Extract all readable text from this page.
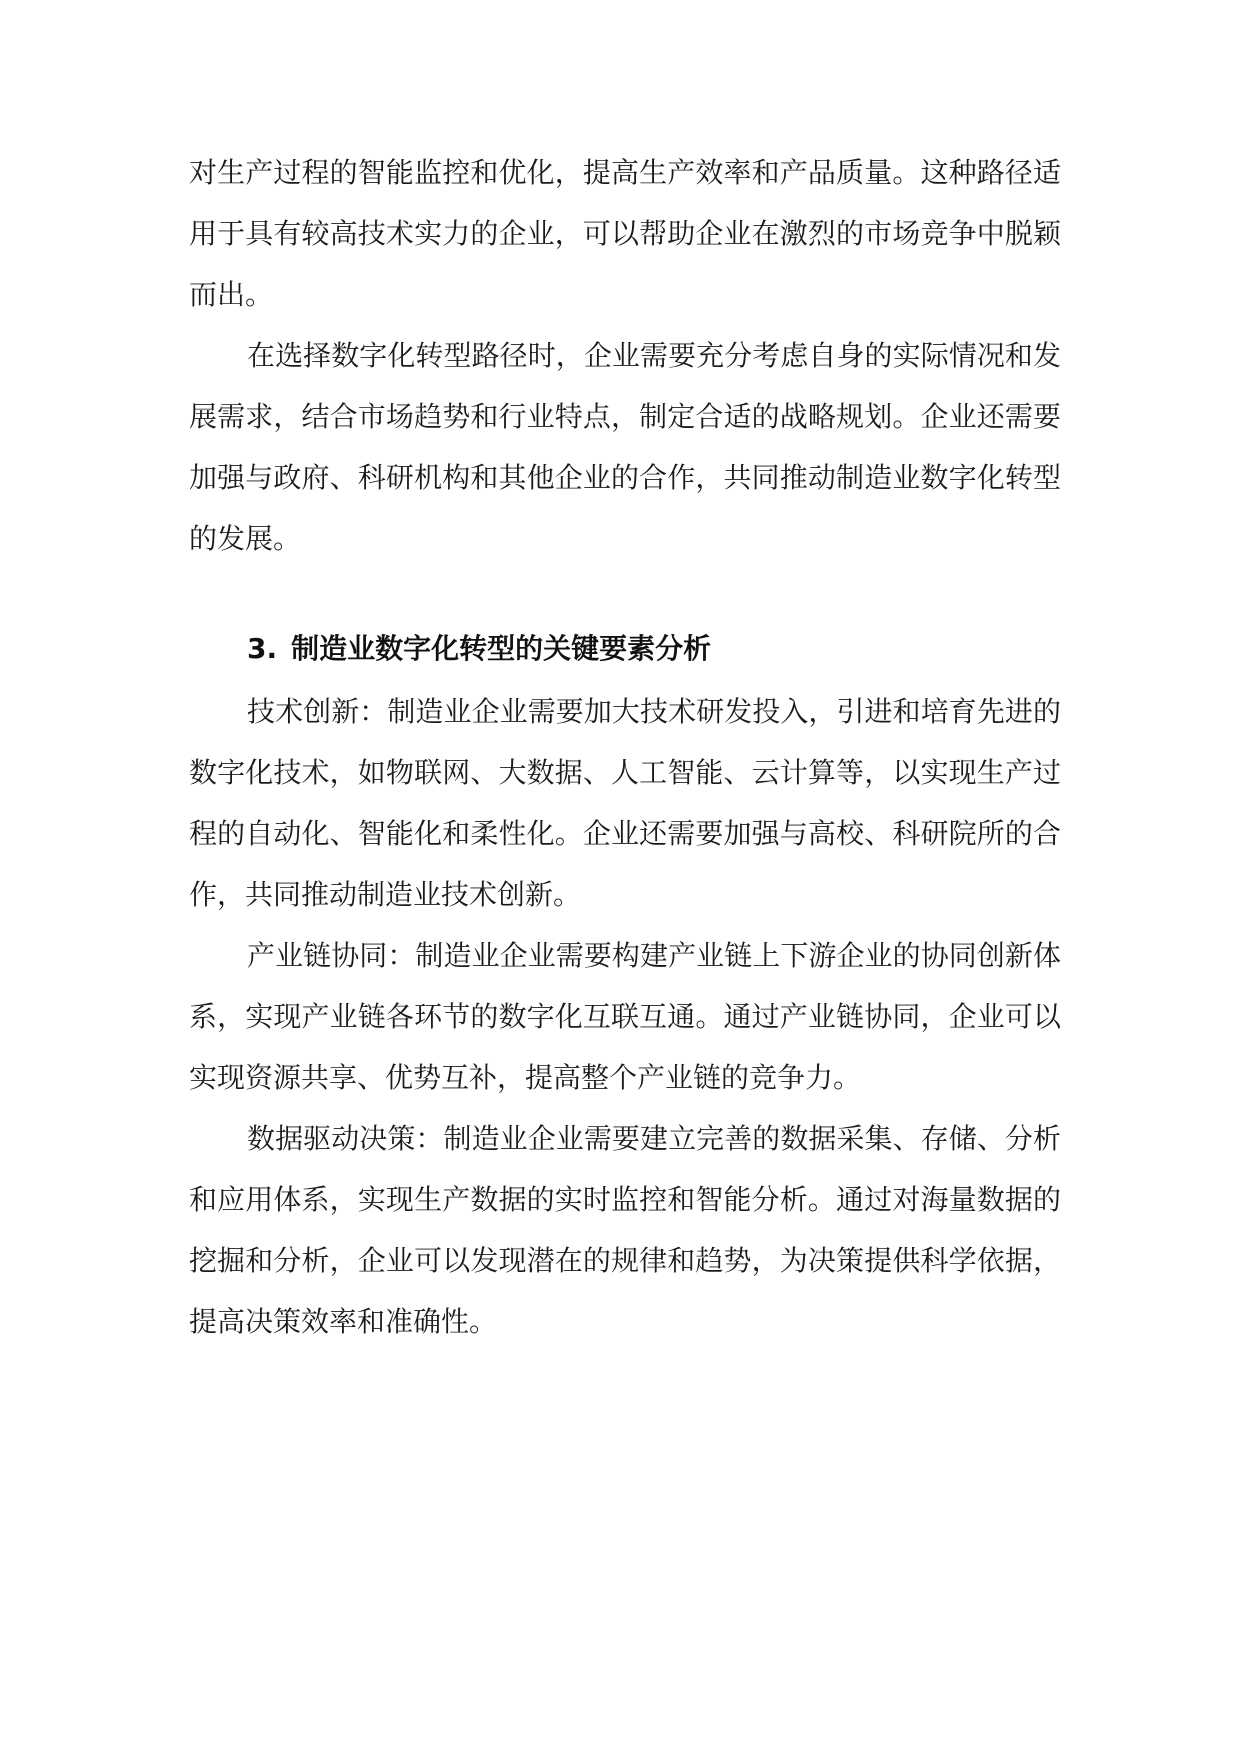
对生产过程的智能监控和优化，提高生产效率和产品质量。这种路径适用于具有较高技术实力的企业，可以帮助企业在激烈的市场竞争中脱颖而出。

在选择数字化转型路径时，企业需要充分考虑自身的实际情况和发展需求，结合市场趋势和行业特点，制定合适的战略规划。企业还需要加强与政府、科研机构和其他企业的合作，共同推动制造业数字化转型的发展。

3. 制造业数字化转型的关键要素分析

技术创新：制造业企业需要加大技术研发投入，引进和培育先进的数字化技术，如物联网、大数据、人工智能、云计算等，以实现生产过程的自动化、智能化和柔性化。企业还需要加强与高校、科研院所的合作，共同推动制造业技术创新。

产业链协同：制造业企业需要构建产业链上下游企业的协同创新体系，实现产业链各环节的数字化互联互通。通过产业链协同，企业可以实现资源共享、优势互补，提高整个产业链的竞争力。

数据驱动决策：制造业企业需要建立完善的数据采集、存储、分析和应用体系，实现生产数据的实时监控和智能分析。通过对海量数据的挖掘和分析，企业可以发现潜在的规律和趋势，为决策提供科学依据，提高决策效率和准确性。
